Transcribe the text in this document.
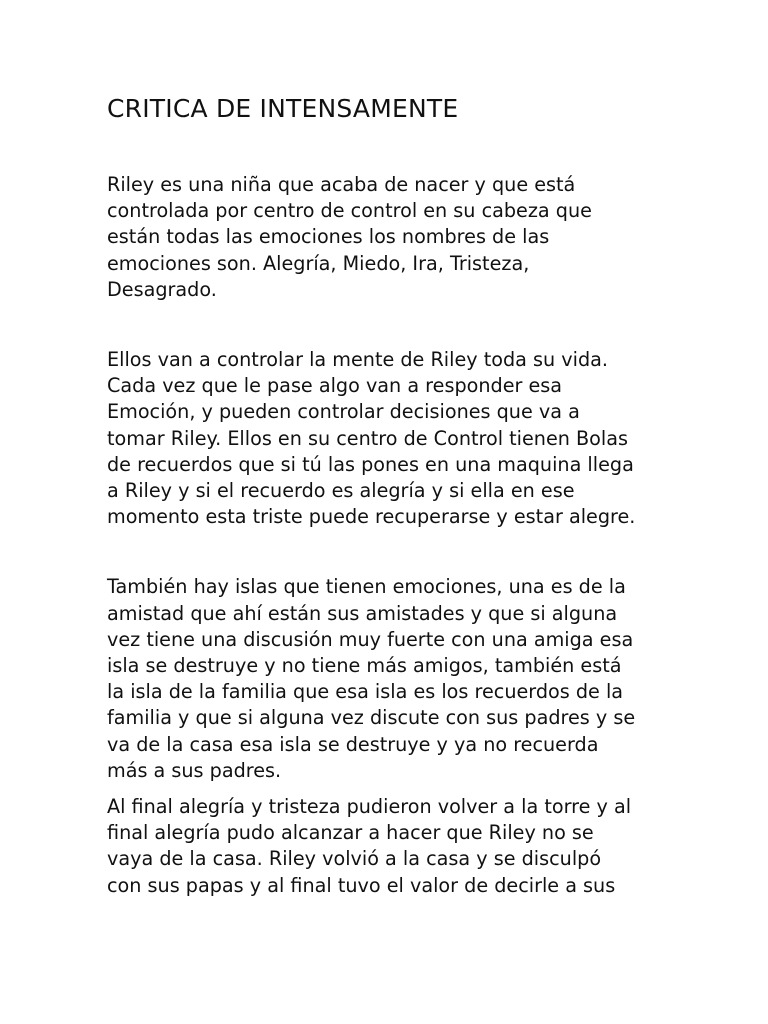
CRITICA DE INTENSAMENTE

Riley es una niña que acaba de nacer y que está
controlada por centro de control en su cabeza que
están todas las emociones los nombres de las
emociones son. Alegría, Miedo, Ira, Tristeza,
Desagrado.

Ellos van a controlar la mente de Riley toda su vida.
Cada vez que le pase algo van a responder esa
Emoción, y pueden controlar decisiones que va a
tomar Riley. Ellos en su centro de Control tienen Bolas
de recuerdos que si tú las pones en una maquina llega
a Riley y si el recuerdo es alegría y si ella en ese
momento esta triste puede recuperarse y estar alegre.

También hay islas que tienen emociones, una es de la
amistad que ahí están sus amistades y que si alguna
vez tiene una discusión muy fuerte con una amiga esa
isla se destruye y no tiene más amigos, también está
la isla de la familia que esa isla es los recuerdos de la
familia y que si alguna vez discute con sus padres y se
va de la casa esa isla se destruye y ya no recuerda
más a sus padres.

Al final alegría y tristeza pudieron volver a la torre y al
final alegría pudo alcanzar a hacer que Riley no se
vaya de la casa. Riley volvió a la casa y se disculpó
con sus papas y al final tuvo el valor de decirle a sus
